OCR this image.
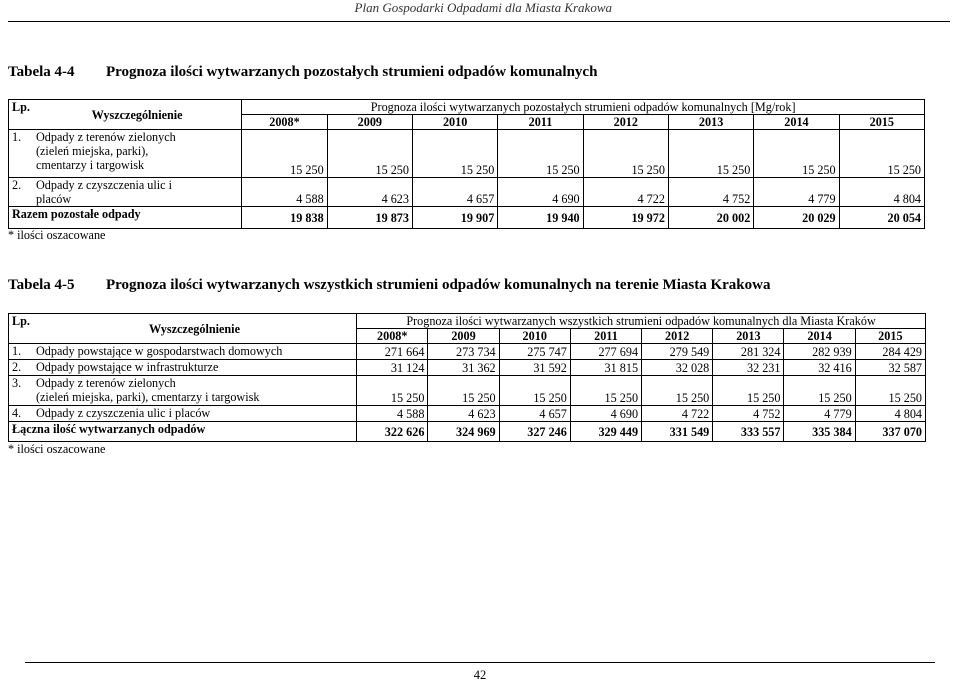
Plan Gospodarki Odpadami dla Miasta Krakowa
Tabela 4-4 Prognoza ilości wytwarzanych pozostałych strumieni odpadów komunalnych
Lp.	Wyszczególnienie	Prognoza ilości wytwarzanych pozostałych strumieni odpadów komunalnych [Mg/rok]							
		2008*	2009	2010	2011	2012	2013	2014	2015
1.	Odpady z terenów zielonych
(zieleń miejska, parki),
cmentarzy i targowisk	15 250	15 250	15 250	15 250	15 250	15 250	15 250	15 250
2.	Odpady z czyszczenia ulic i
placów	4 588	4 623	4 657	4 690	4 722	4 752	4 779	4 804
Razem pozostałe odpady		19 838	19 873	19 907	19 940	19 972	20 002	20 029	20 054
* ilości oszacowane
Tabela 4-5 Prognoza ilości wytwarzanych wszystkich strumieni odpadów komunalnych na terenie Miasta Krakowa
Lp.	Wyszczególnienie	Prognoza ilości wytwarzanych wszystkich strumieni odpadów komunalnych dla Miasta Kraków							
		2008*	2009	2010	2011	2012	2013	2014	2015
1.	Odpady powstające w gospodarstwach domowych	271 664	273 734	275 747	277 694	279 549	281 324	282 939	284 429
2.	Odpady powstające w infrastrukturze	31 124	31 362	31 592	31 815	32 028	32 231	32 416	32 587
3.	Odpady z terenów zielonych
(zieleń miejska, parki), cmentarzy i targowisk	15 250	15 250	15 250	15 250	15 250	15 250	15 250	15 250
4.	Odpady z czyszczenia ulic i placów	4 588	4 623	4 657	4 690	4 722	4 752	4 779	4 804
Łączna ilość wytwarzanych odpadów		322 626	324 969	327 246	329 449	331 549	333 557	335 384	337 070
* ilości oszacowane
42
